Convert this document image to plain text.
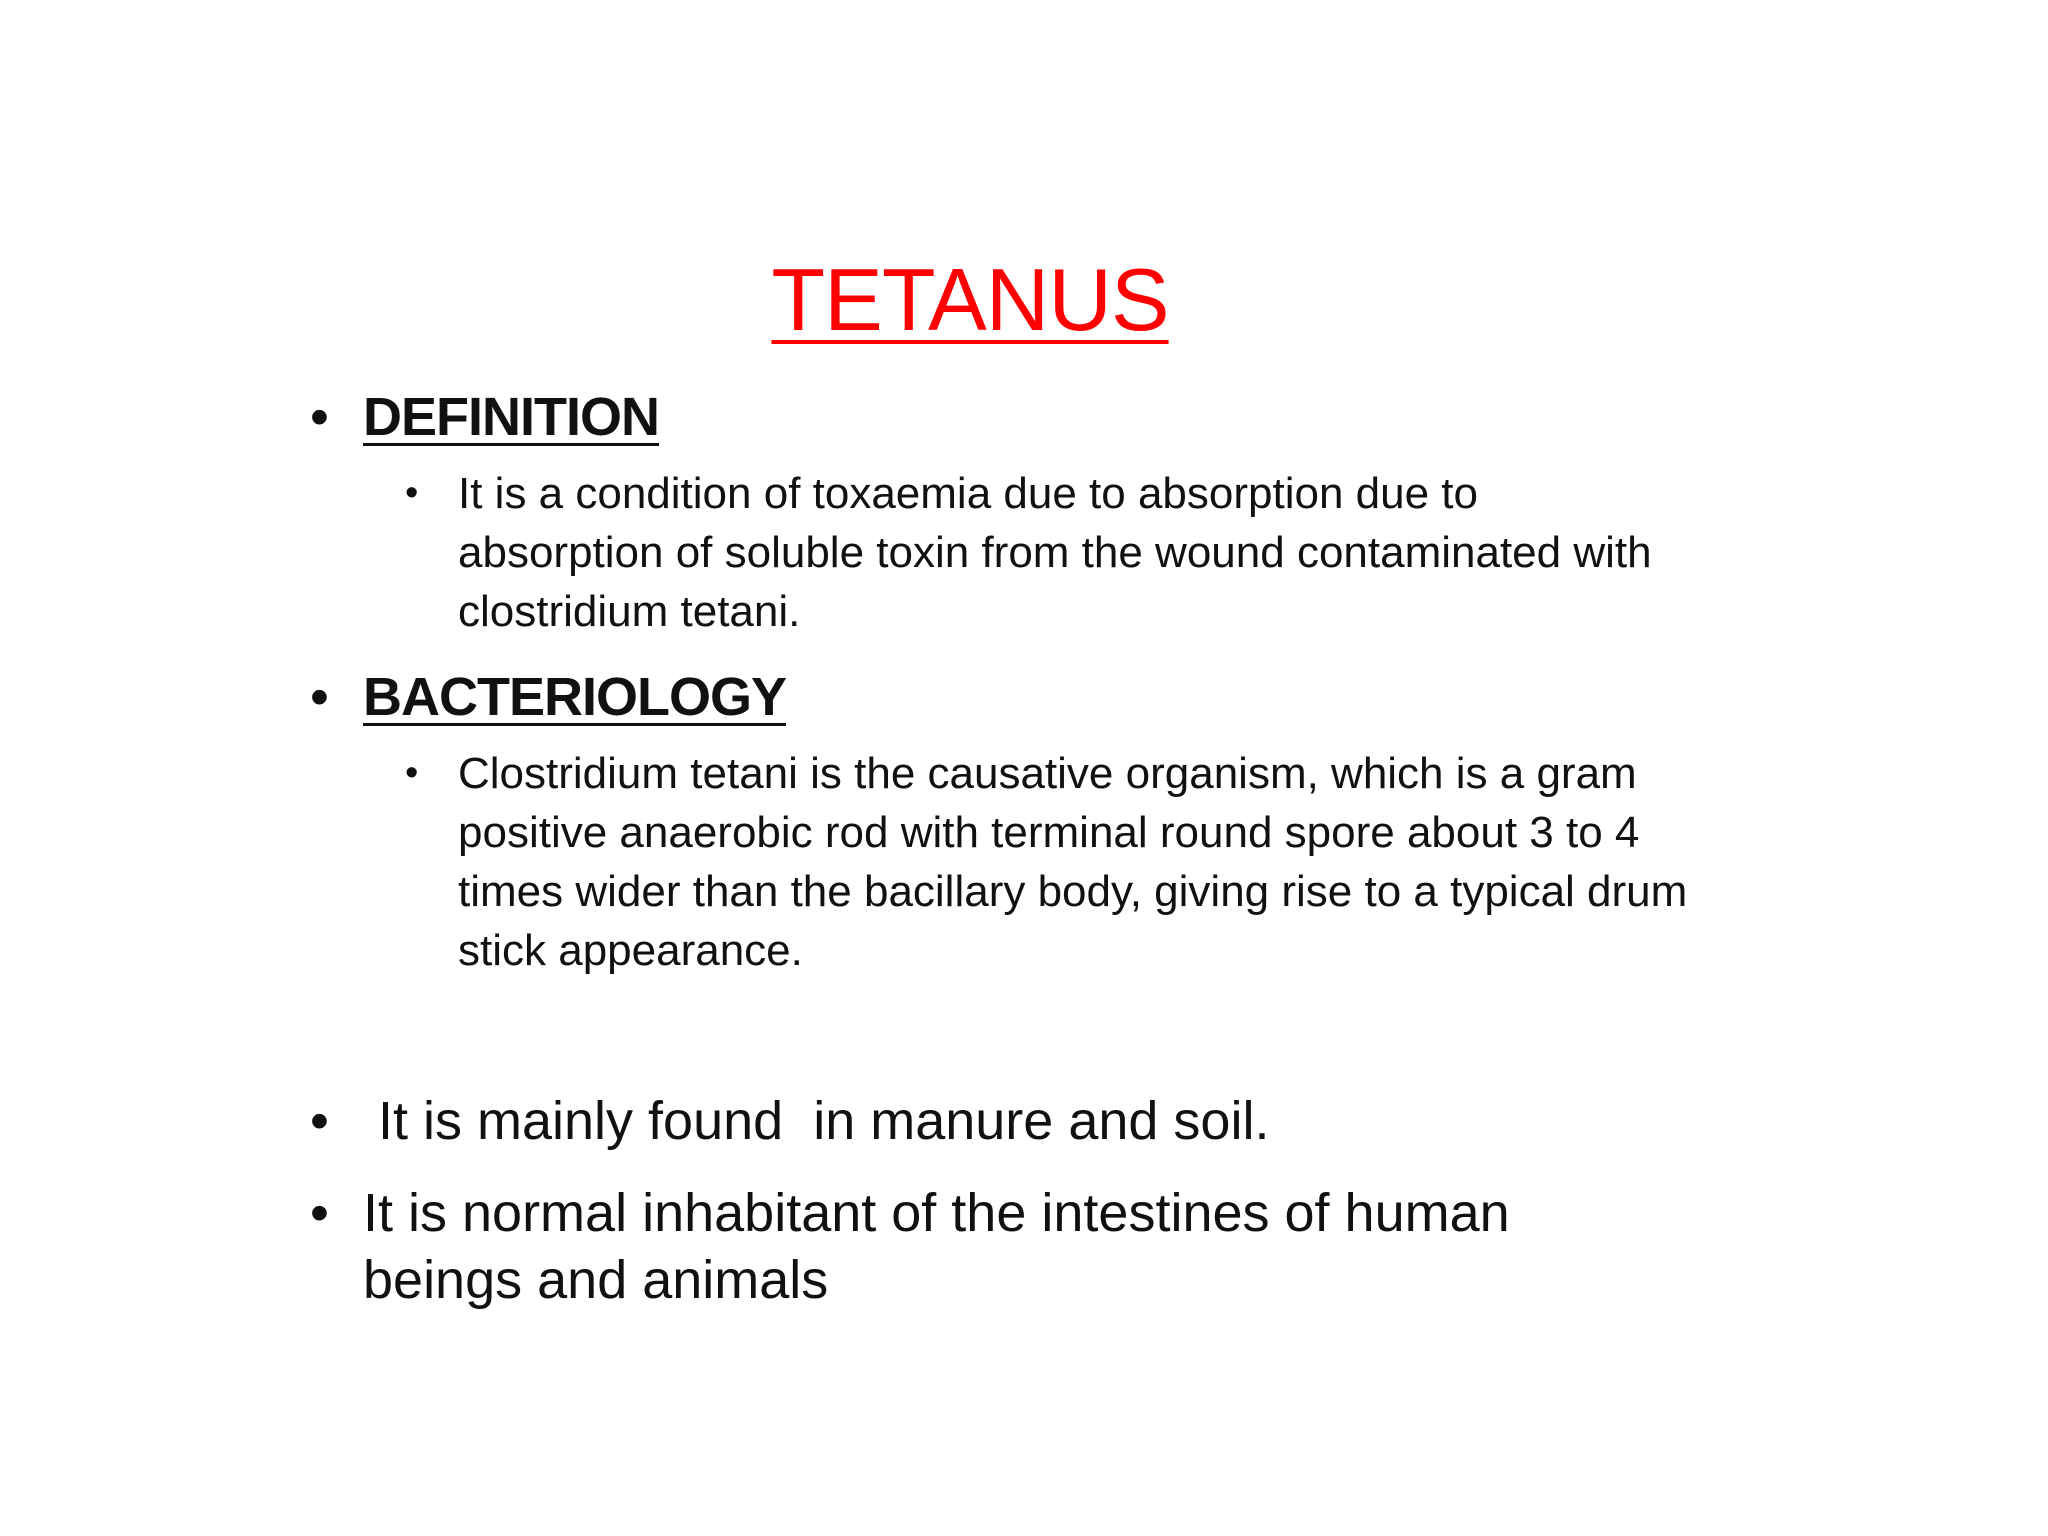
TETANUS
• DEFINITION
• It is a condition of toxaemia due to absorption due to absorption of soluble toxin from the wound contaminated with clostridium tetani.
• BACTERIOLOGY
• Clostridium tetani is the causative organism, which is a gram positive anaerobic rod with terminal round spore about 3 to 4 times wider than the bacillary body, giving rise to a typical drum stick appearance.
• It is mainly found  in manure and soil.
• It is normal inhabitant of the intestines of human beings and animals
